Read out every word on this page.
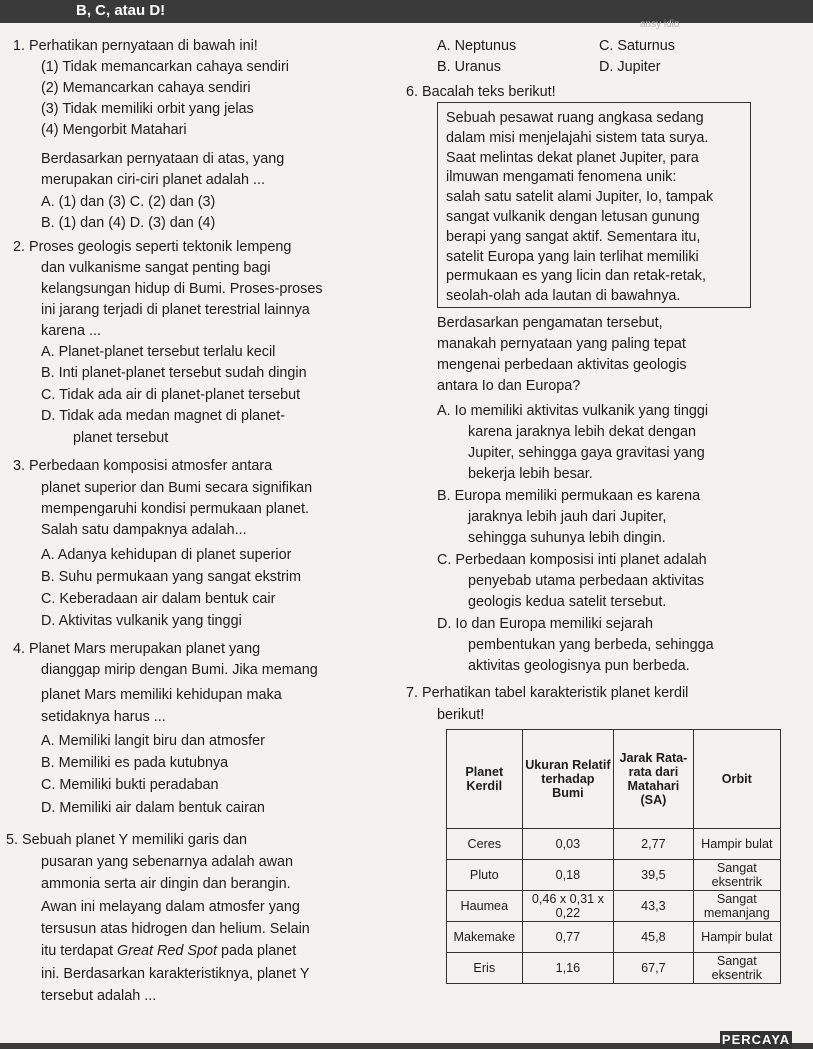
B, C, atau D!
ansy idio
1. Perhatikan pernyataan di bawah ini!
(1) Tidak memancarkan cahaya sendiri
(2) Memancarkan cahaya sendiri
(3) Tidak memiliki orbit yang jelas
(4) Mengorbit Matahari
Berdasarkan pernyataan di atas, yang
merupakan ciri-ciri planet adalah ...
A. (1) dan (3) C. (2) dan (3)
B. (1) dan (4) D. (3) dan (4)
2. Proses geologis seperti tektonik lempeng
dan vulkanisme sangat penting bagi
kelangsungan hidup di Bumi. Proses-proses
ini jarang terjadi di planet terestrial lainnya
karena ...
A. Planet-planet tersebut terlalu kecil
B. Inti planet-planet tersebut sudah dingin
C. Tidak ada air di planet-planet tersebut
D. Tidak ada medan magnet di planet-
planet tersebut
3. Perbedaan komposisi atmosfer antara
planet superior dan Bumi secara signifikan
mempengaruhi kondisi permukaan planet.
Salah satu dampaknya adalah...
A. Adanya kehidupan di planet superior
B. Suhu permukaan yang sangat ekstrim
C. Keberadaan air dalam bentuk cair
D. Aktivitas vulkanik yang tinggi
4. Planet Mars merupakan planet yang
dianggap mirip dengan Bumi. Jika memang
planet Mars memiliki kehidupan maka
setidaknya harus ...
A. Memiliki langit biru dan atmosfer
B. Memiliki es pada kutubnya
C. Memiliki bukti peradaban
D. Memiliki air dalam bentuk cairan
5. Sebuah planet Y memiliki garis dan
pusaran yang sebenarnya adalah awan
ammonia serta air dingin dan berangin.
Awan ini melayang dalam atmosfer yang
tersusun atas hidrogen dan helium. Selain
itu terdapat Great Red Spot pada planet
ini. Berdasarkan karakteristiknya, planet Y
tersebut adalah ...
A. Neptunus	C. Saturnus
B. Uranus	D. Jupiter
6. Bacalah teks berikut!
Sebuah pesawat ruang angkasa sedang
dalam misi menjelajahi sistem tata surya.
Saat melintas dekat planet Jupiter, para
ilmuwan mengamati fenomena unik:
salah satu satelit alami Jupiter, Io, tampak
sangat vulkanik dengan letusan gunung
berapi yang sangat aktif. Sementara itu,
satelit Europa yang lain terlihat memiliki
permukaan es yang licin dan retak-retak,
seolah-olah ada lautan di bawahnya.
Berdasarkan pengamatan tersebut,
manakah pernyataan yang paling tepat
mengenai perbedaan aktivitas geologis
antara Io dan Europa?
A. Io memiliki aktivitas vulkanik yang tinggi
karena jaraknya lebih dekat dengan
Jupiter, sehingga gaya gravitasi yang
bekerja lebih besar.
B. Europa memiliki permukaan es karena
jaraknya lebih jauh dari Jupiter,
sehingga suhunya lebih dingin.
C. Perbedaan komposisi inti planet adalah
penyebab utama perbedaan aktivitas
geologis kedua satelit tersebut.
D. Io dan Europa memiliki sejarah
pembentukan yang berbeda, sehingga
aktivitas geologisnya pun berbeda.
7. Perhatikan tabel karakteristik planet kerdil
berikut!
Planet Kerdil	Ukuran Relatif terhadap Bumi	Jarak Rata-rata dari Matahari (SA)	Orbit
Ceres	0,03	2,77	Hampir bulat
Pluto	0,18	39,5	Sangat eksentrik
Haumea	0,46 x 0,31 x 0,22	43,3	Sangat memanjang
Makemake	0,77	45,8	Hampir bulat
Eris	1,16	67,7	Sangat eksentrik
PERCAYA
